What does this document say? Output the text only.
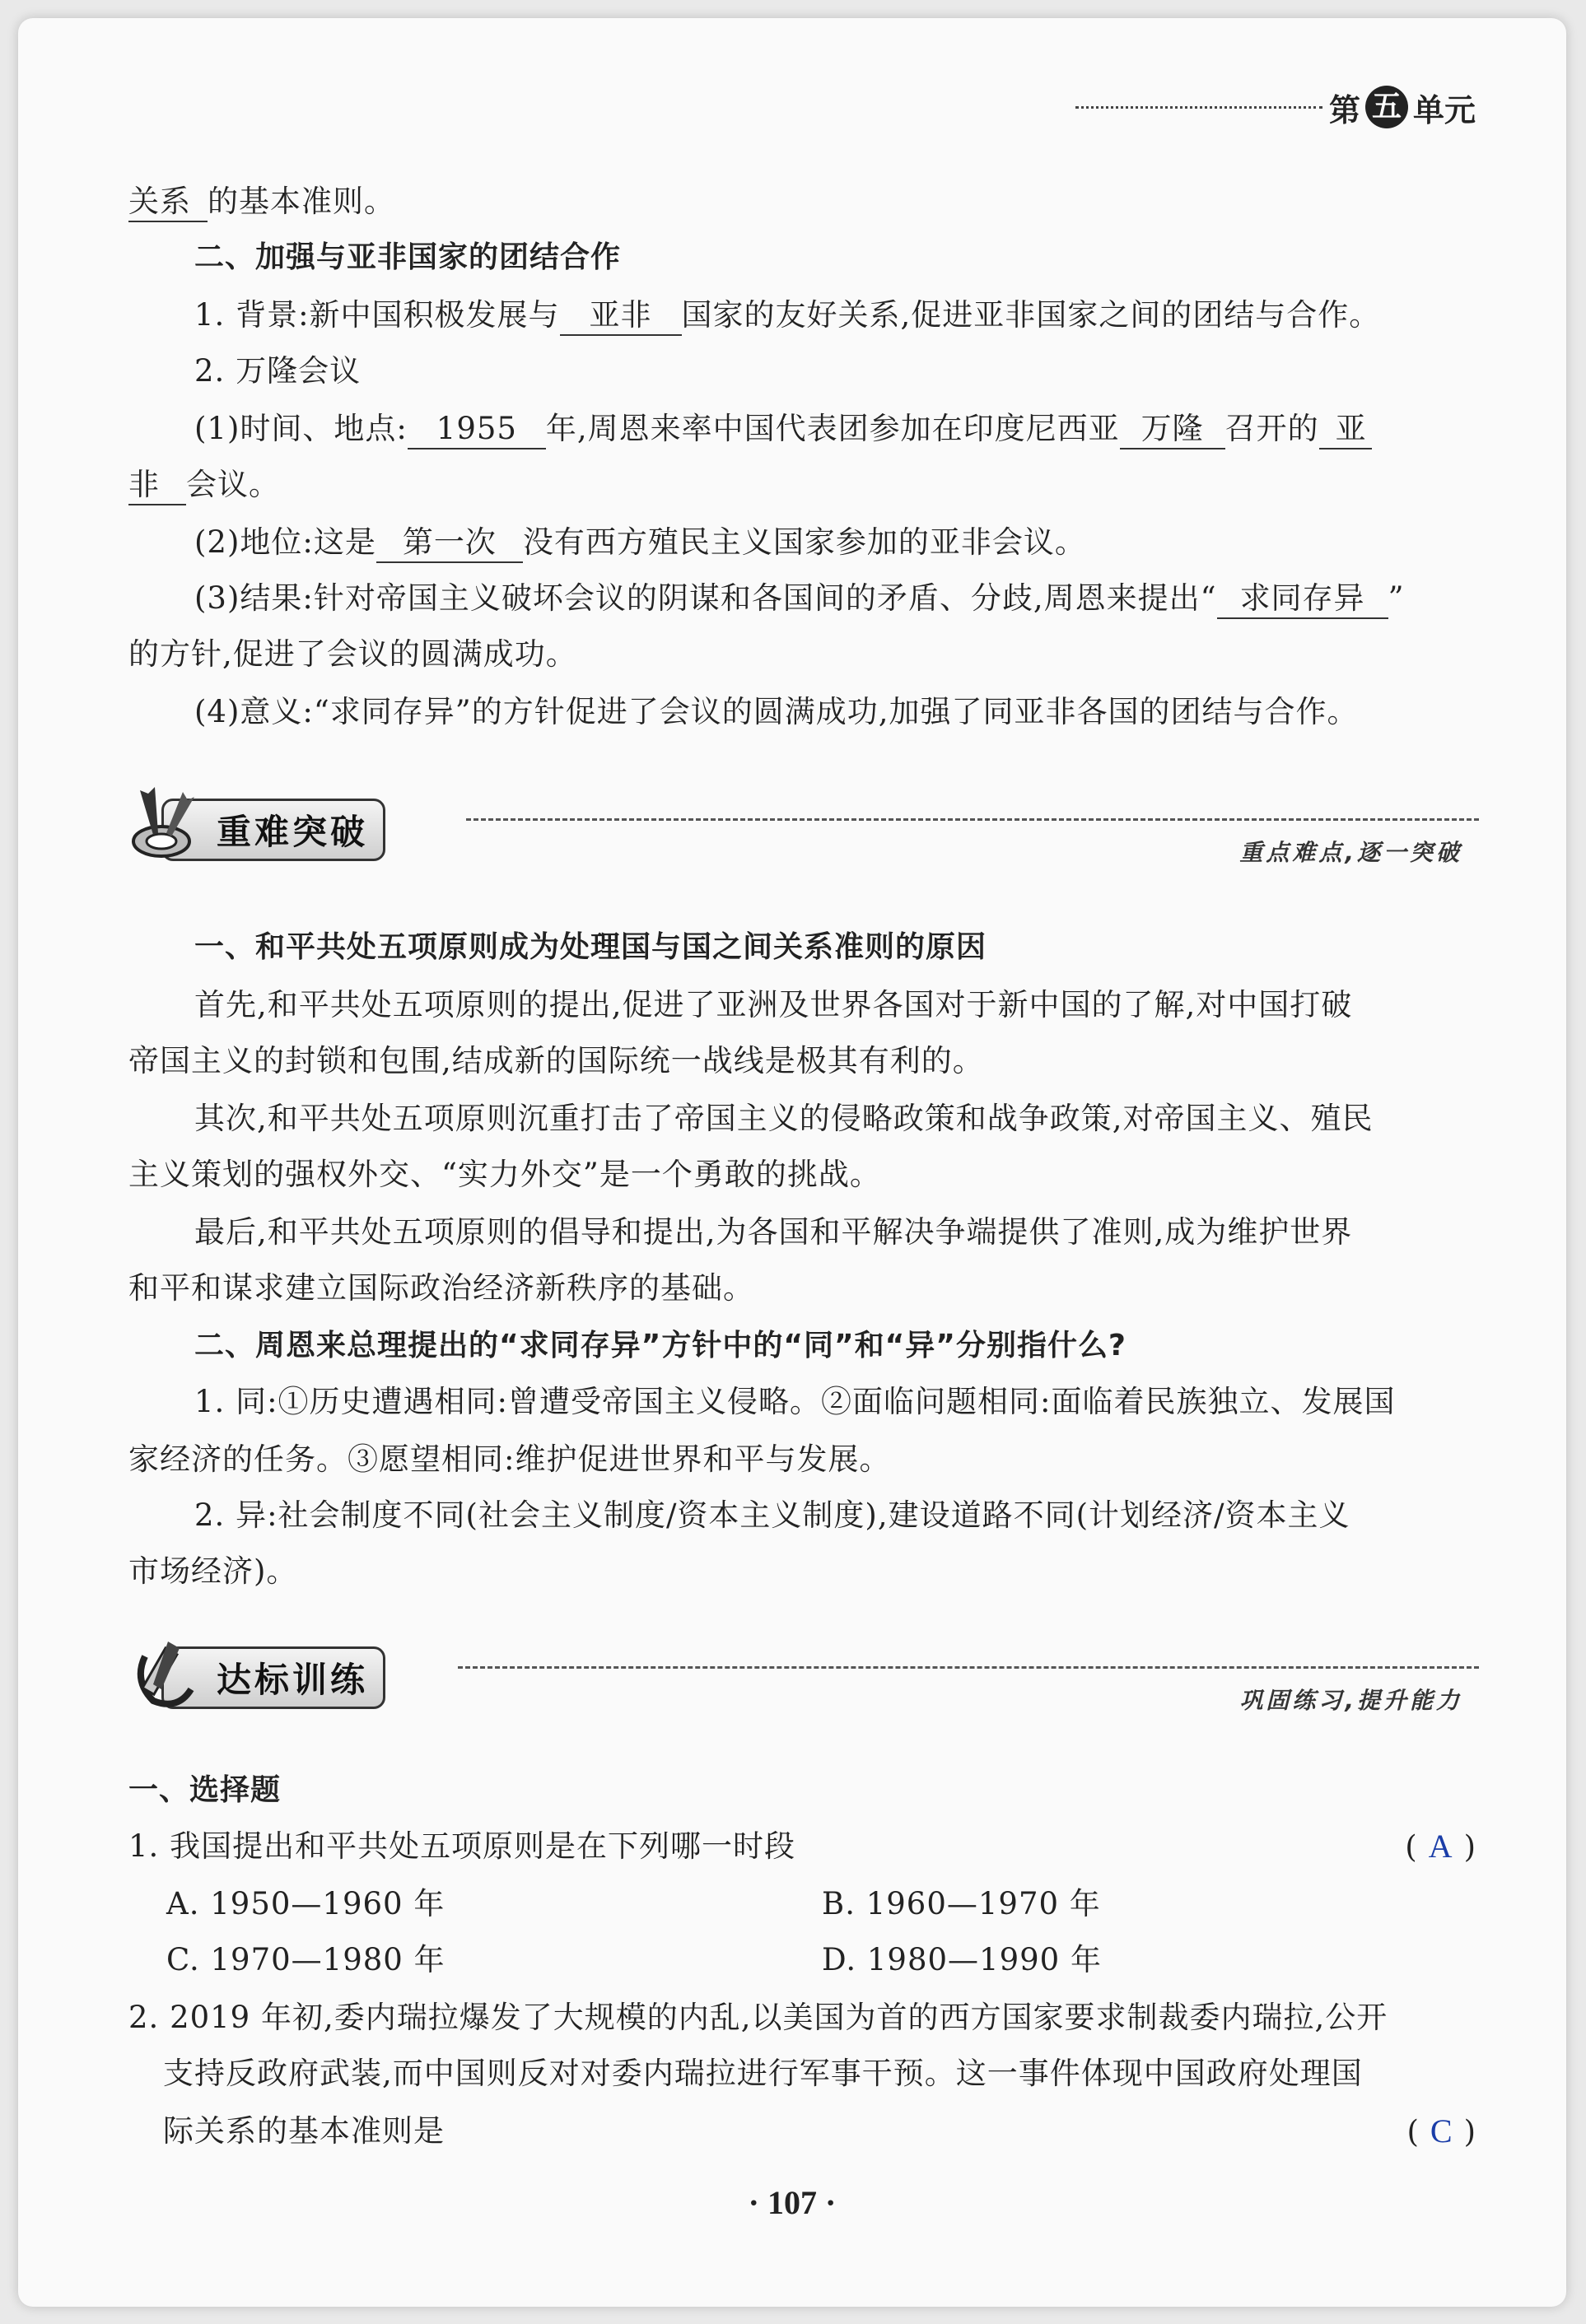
第 五 单元
关系 的基本准则。
二、加强与亚非国家的团结合作
1. 背景:新中国积极发展与 亚非 国家的友好关系,促进亚非国家之间的团结与合作。
2. 万隆会议
(1)时间、地点: 1955 年,周恩来率中国代表团参加在印度尼西亚 万隆 召开的 亚
非 会议。
(2)地位:这是 第一次 没有西方殖民主义国家参加的亚非会议。
(3)结果:针对帝国主义破坏会议的阴谋和各国间的矛盾、分歧,周恩来提出“ 求同存异 ”
的方针,促进了会议的圆满成功。
(4)意义:“求同存异”的方针促进了会议的圆满成功,加强了同亚非各国的团结与合作。
重难突破
重点难点,逐一突破
一、和平共处五项原则成为处理国与国之间关系准则的原因
首先,和平共处五项原则的提出,促进了亚洲及世界各国对于新中国的了解,对中国打破
帝国主义的封锁和包围,结成新的国际统一战线是极其有利的。
其次,和平共处五项原则沉重打击了帝国主义的侵略政策和战争政策,对帝国主义、殖民
主义策划的强权外交、“实力外交”是一个勇敢的挑战。
最后,和平共处五项原则的倡导和提出,为各国和平解决争端提供了准则,成为维护世界
和平和谋求建立国际政治经济新秩序的基础。
二、周恩来总理提出的“求同存异”方针中的“同”和“异”分别指什么?
1. 同:①历史遭遇相同:曾遭受帝国主义侵略。②面临问题相同:面临着民族独立、发展国
家经济的任务。③愿望相同:维护促进世界和平与发展。
2. 异:社会制度不同(社会主义制度/资本主义制度),建设道路不同(计划经济/资本主义
市场经济)。
达标训练
巩固练习,提升能力
一、选择题
1. 我国提出和平共处五项原则是在下列哪一时段	( A )
A. 1950—1960 年	B. 1960—1970 年
C. 1970—1980 年	D. 1980—1990 年
2. 2019 年初,委内瑞拉爆发了大规模的内乱,以美国为首的西方国家要求制裁委内瑞拉,公开
支持反政府武装,而中国则反对对委内瑞拉进行军事干预。这一事件体现中国政府处理国
际关系的基本准则是	( C )
· 107 ·
